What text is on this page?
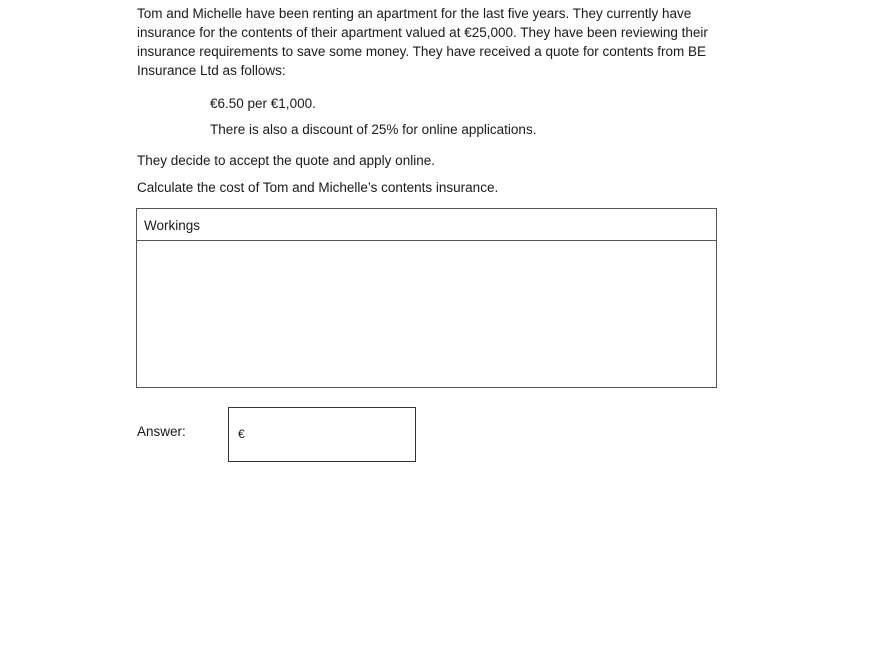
Tom and Michelle have been renting an apartment for the last five years. They currently have insurance for the contents of their apartment valued at €25,000. They have been reviewing their insurance requirements to save some money. They have received a quote for contents from BE Insurance Ltd as follows:

€6.50 per €1,000.

There is also a discount of 25% for online applications.

They decide to accept the quote and apply online.

Calculate the cost of Tom and Michelle’s contents insurance.

Workings
Answer:	€
